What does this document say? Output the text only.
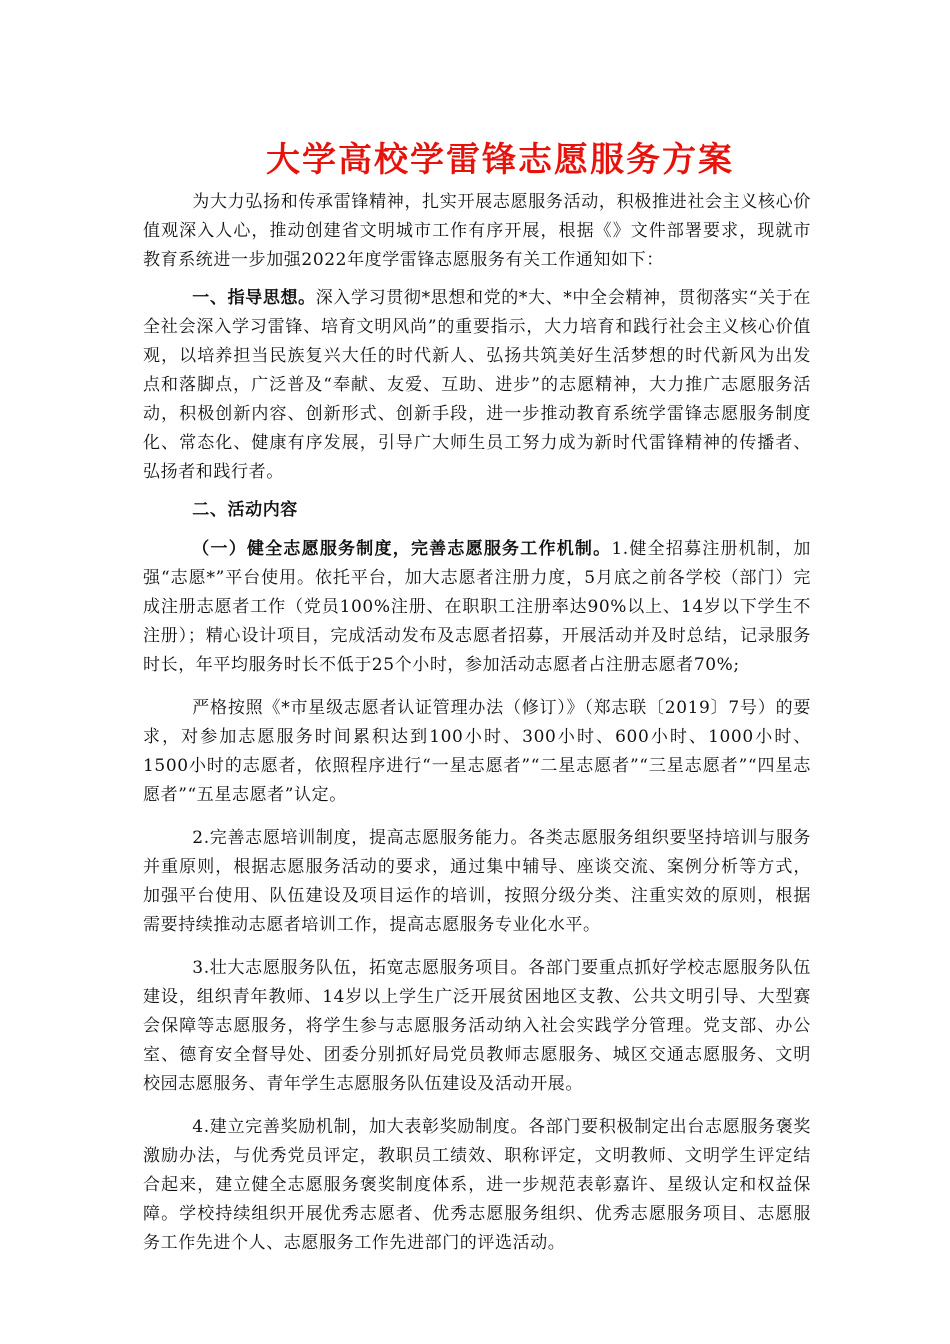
大学高校学雷锋志愿服务方案

为大力弘扬和传承雷锋精神，扎实开展志愿服务活动，积极推进社会主义核心价值观深入人心，推动创建省文明城市工作有序开展，根据《》文件部署要求，现就市教育系统进一步加强2022年度学雷锋志愿服务有关工作通知如下：

一、指导思想。深入学习贯彻*思想和党的*大、*中全会精神，贯彻落实“关于在全社会深入学习雷锋、培育文明风尚”的重要指示，大力培育和践行社会主义核心价值观，以培养担当民族复兴大任的时代新人、弘扬共筑美好生活梦想的时代新风为出发点和落脚点，广泛普及“奉献、友爱、互助、进步”的志愿精神，大力推广志愿服务活动，积极创新内容、创新形式、创新手段，进一步推动教育系统学雷锋志愿服务制度化、常态化、健康有序发展，引导广大师生员工努力成为新时代雷锋精神的传播者、弘扬者和践行者。

二、活动内容

（一）健全志愿服务制度，完善志愿服务工作机制。1.健全招募注册机制，加强“志愿*”平台使用。依托平台，加大志愿者注册力度，5月底之前各学校（部门）完成注册志愿者工作（党员100%注册、在职职工注册率达90%以上、14岁以下学生不注册）；精心设计项目，完成活动发布及志愿者招募，开展活动并及时总结，记录服务时长，年平均服务时长不低于25个小时，参加活动志愿者占注册志愿者70%;

严格按照《*市星级志愿者认证管理办法（修订）》（郑志联〔2019〕7号）的要求，对参加志愿服务时间累积达到100小时、300小时、600小时、1000小时、1500小时的志愿者，依照程序进行“一星志愿者”“二星志愿者”“三星志愿者”“四星志愿者”“五星志愿者”认定。

2.完善志愿培训制度，提高志愿服务能力。各类志愿服务组织要坚持培训与服务并重原则，根据志愿服务活动的要求，通过集中辅导、座谈交流、案例分析等方式，加强平台使用、队伍建设及项目运作的培训，按照分级分类、注重实效的原则，根据需要持续推动志愿者培训工作，提高志愿服务专业化水平。

3.壮大志愿服务队伍，拓宽志愿服务项目。各部门要重点抓好学校志愿服务队伍建设，组织青年教师、14岁以上学生广泛开展贫困地区支教、公共文明引导、大型赛会保障等志愿服务，将学生参与志愿服务活动纳入社会实践学分管理。党支部、办公室、德育安全督导处、团委分别抓好局党员教师志愿服务、城区交通志愿服务、文明校园志愿服务、青年学生志愿服务队伍建设及活动开展。

4.建立完善奖励机制，加大表彰奖励制度。各部门要积极制定出台志愿服务褒奖激励办法，与优秀党员评定，教职员工绩效、职称评定，文明教师、文明学生评定结合起来，建立健全志愿服务褒奖制度体系，进一步规范表彰嘉许、星级认定和权益保障。学校持续组织开展优秀志愿者、优秀志愿服务组织、优秀志愿服务项目、志愿服务工作先进个人、志愿服务工作先进部门的评选活动。
